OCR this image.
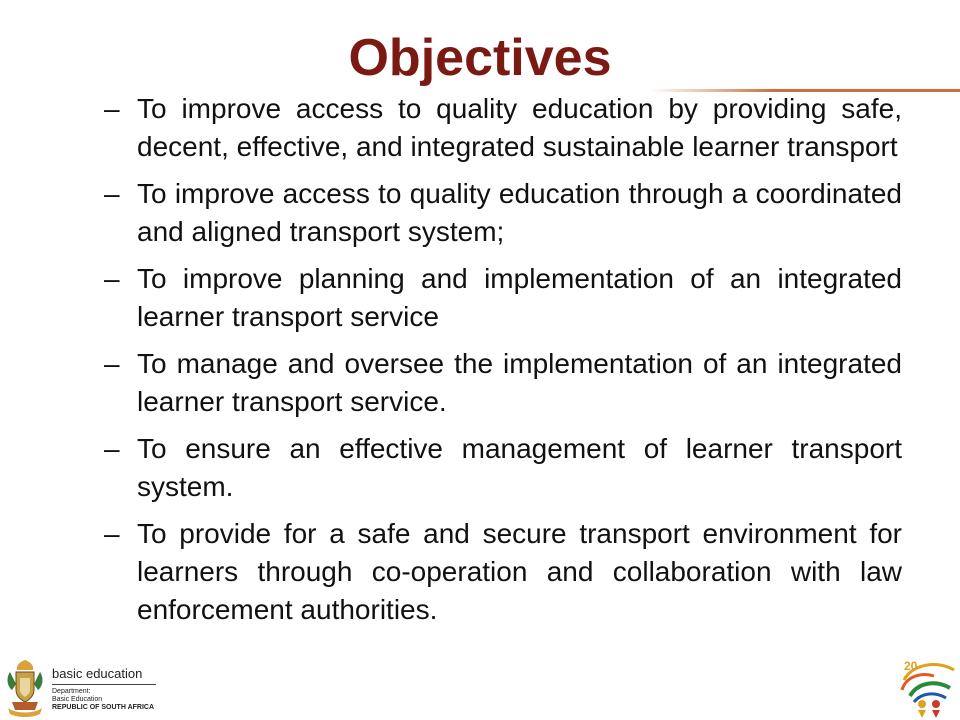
Objectives
– To improve access to quality education by providing safe, decent, effective, and integrated sustainable learner transport
– To improve access to quality education through a coordinated and aligned transport system;
– To improve planning and implementation of an integrated learner transport service
– To manage and oversee the implementation of an integrated learner transport service.
– To ensure an effective management of learner transport system.
– To provide for a safe and secure transport environment for learners through co-operation and collaboration with law enforcement authorities.
basic education
Department:
Basic Education
REPUBLIC OF SOUTH AFRICA
20
